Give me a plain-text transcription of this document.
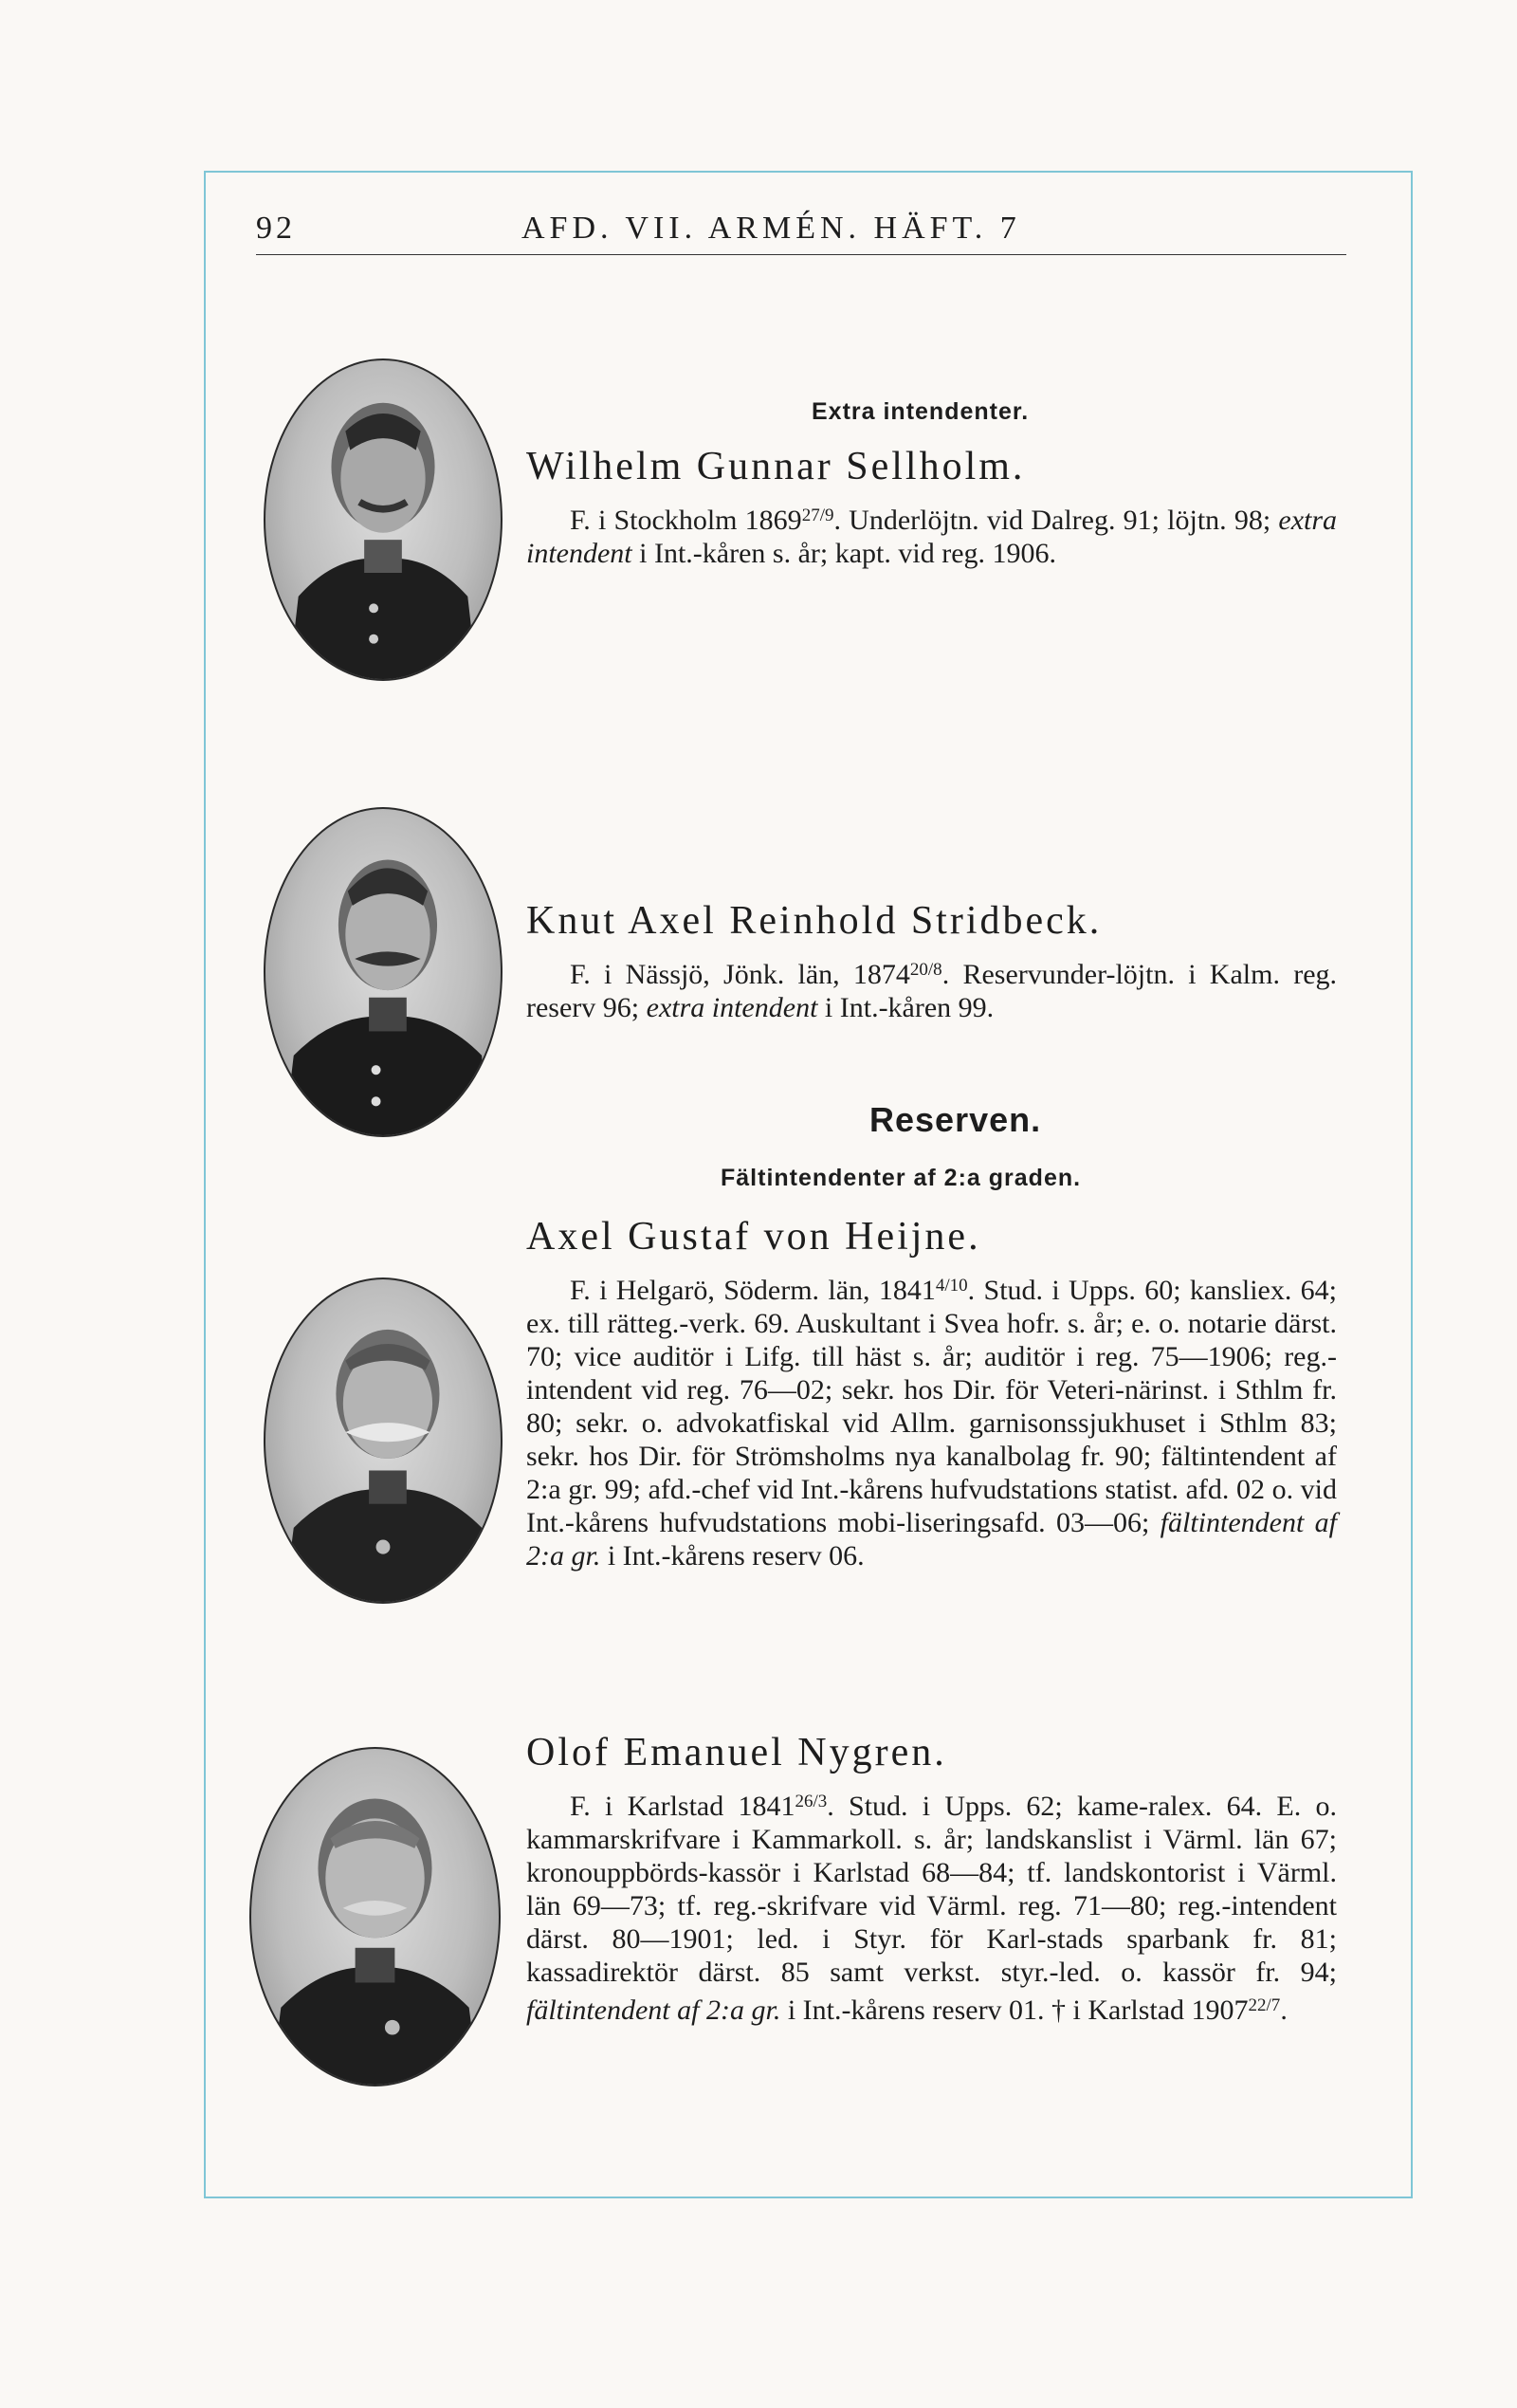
92	AFD. VII. ARMÉN. HÄFT. 7
Extra intendenter.
Reserven.
Fältintendenter af 2:a graden.
Wilhelm Gunnar Sellholm.

F. i Stockholm $1869^{27/9}$. Underlöjtn. vid Dalreg. 91; löjtn. 98; extra intendent i Int.-kåren s. år; kapt. vid reg. 1906.

Knut Axel Reinhold Stridbeck.

F. i Nässjö, Jönk. län, $1874^{20/8}$. Reservunder-löjtn. i Kalm. reg. reserv 96; extra intendent i Int.-kåren 99.

Axel Gustaf von Heijne.

F. i Helgarö, Söderm. län, $1841^{4/10}$. Stud. i Upps. 60; kansliex. 64; ex. till rätteg.-verk. 69. Auskultant i Svea hofr. s. år; e. o. notarie därst. 70; vice auditör i Lifg. till häst s. år; auditör i reg. 75—1906; reg.-intendent vid reg. 76—02; sekr. hos Dir. för Veteri-närinst. i Sthlm fr. 80; sekr. o. advokatfiskal vid Allm. garnisonssjukhuset i Sthlm 83; sekr. hos Dir. för Strömsholms nya kanalbolag fr. 90; fältintendent af 2:a gr. 99; afd.-chef vid Int.-kårens hufvudstations statist. afd. 02 o. vid Int.-kårens hufvudstations mobi-liseringsafd. 03—06; fältintendent af 2:a gr. i Int.-kårens reserv 06.

Olof Emanuel Nygren.

F. i Karlstad $1841^{26/3}$. Stud. i Upps. 62; kame-ralex. 64. E. o. kammarskrifvare i Kammarkoll. s. år; landskanslist i Värml. län 67; kronouppbörds-kassör i Karlstad 68—84; tf. landskontorist i Värml. län 69—73; tf. reg.-skrifvare vid Värml. reg. 71—80; reg.-intendent därst. 80—1901; led. i Styr. för Karl-stads sparbank fr. 81; kassadirektör därst. 85 samt verkst. styr.-led. o. kassör fr. 94; fältintendent af 2:a gr. i Int.-kårens reserv 01. † i Karlstad $1907^{22/7}$.
